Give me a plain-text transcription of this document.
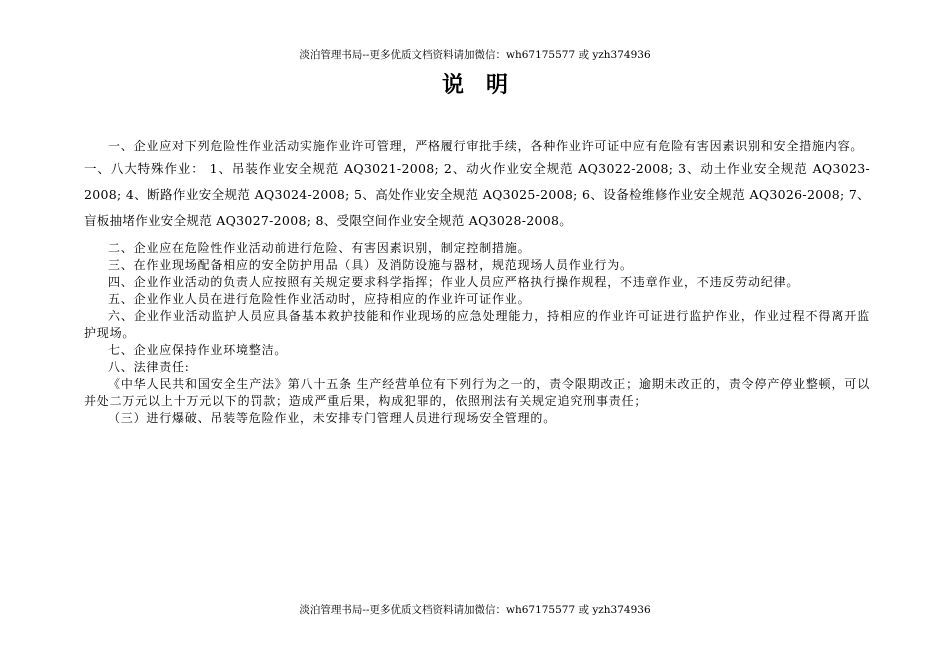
淡泊管理书局--更多优质文档资料请加微信：wh67175577 或 yzh374936
说明

一、企业应对下列危险性作业活动实施作业许可管理，严格履行审批手续，各种作业许可证中应有危险有害因素识别和安全措施内容。

一、八大特殊作业： 1、吊装作业安全规范 AQ3021-2008; 2、动火作业安全规范 AQ3022-2008; 3、动土作业安全规范 AQ3023-2008; 4、断路作业安全规范 AQ3024-2008; 5、高处作业安全规范 AQ3025-2008; 6、设备检维修作业安全规范 AQ3026-2008; 7、盲板抽堵作业安全规范 AQ3027-2008; 8、受限空间作业安全规范 AQ3028-2008。

二、企业应在危险性作业活动前进行危险、有害因素识别，制定控制措施。

三、在作业现场配备相应的安全防护用品（具）及消防设施与器材，规范现场人员作业行为。

四、企业作业活动的负责人应按照有关规定要求科学指挥；作业人员应严格执行操作规程，不违章作业，不违反劳动纪律。

五、企业作业人员在进行危险性作业活动时，应持相应的作业许可证作业。

六、企业作业活动监护人员应具备基本救护技能和作业现场的应急处理能力，持相应的作业许可证进行监护作业，作业过程不得离开监护现场。

七、企业应保持作业环境整洁。

八、法律责任:

《中华人民共和国安全生产法》第八十五条 生产经营单位有下列行为之一的，责令限期改正；逾期未改正的，责令停产停业整顿，可以并处二万元以上十万元以下的罚款；造成严重后果，构成犯罪的，依照刑法有关规定追究刑事责任；

（三）进行爆破、吊装等危险作业，未安排专门管理人员进行现场安全管理的。

淡泊管理书局--更多优质文档资料请加微信：wh67175577 或 yzh374936
